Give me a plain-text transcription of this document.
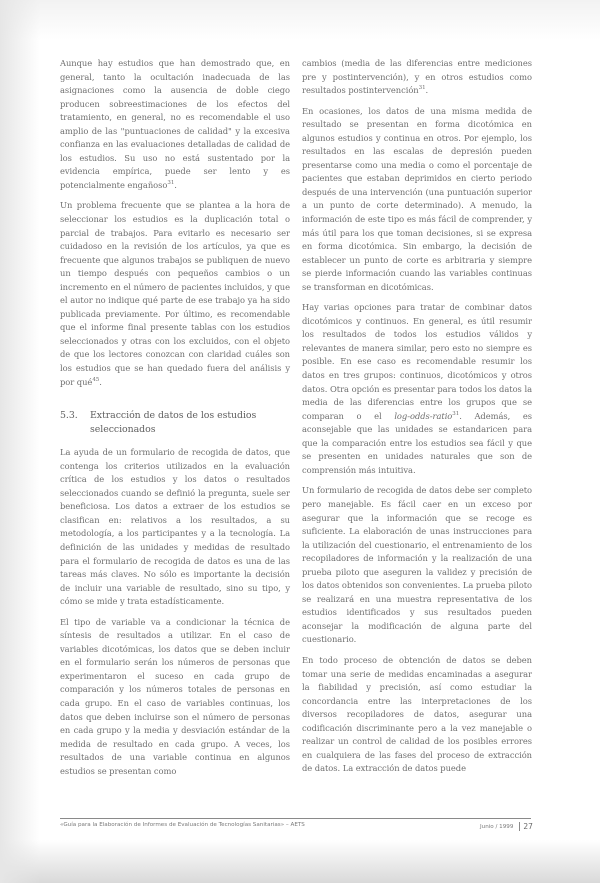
Aunque hay estudios que han demostrado que, en general, tanto la ocultación inadecuada de las asignaciones como la ausencia de doble ciego producen sobreestimaciones de los efectos del tratamiento, en general, no es recomendable el uso amplio de las "puntuaciones de calidad" y la excesiva confianza en las evaluaciones detalladas de calidad de los estudios. Su uso no está sustentado por la evidencia empírica, puede ser lento y es potencialmente engañoso$^{31}$.

Un problema frecuente que se plantea a la hora de seleccionar los estudios es la duplicación total o parcial de trabajos. Para evitarlo es necesario ser cuidadoso en la revisión de los artículos, ya que es frecuente que algunos trabajos se publiquen de nuevo un tiempo después con pequeños cambios o un incremento en el número de pacientes incluidos, y que el autor no indique qué parte de ese trabajo ya ha sido publicada previamente. Por último, es recomendable que el informe final presente tablas con los estudios seleccionados y otras con los excluidos, con el objeto de que los lectores conozcan con claridad cuáles son los estudios que se han quedado fuera del análisis y por qué$^{45}$.

5.3.	Extracción de datos de los estudios seleccionados

La ayuda de un formulario de recogida de datos, que contenga los criterios utilizados en la evaluación crítica de los estudios y los datos o resultados seleccionados cuando se definió la pregunta, suele ser beneficiosa. Los datos a extraer de los estudios se clasifican en: relativos a los resultados, a su metodología, a los participantes y a la tecnología. La definición de las unidades y medidas de resultado para el formulario de recogida de datos es una de las tareas más claves. No sólo es importante la decisión de incluir una variable de resultado, sino su tipo, y cómo se mide y trata estadísticamente.

El tipo de variable va a condicionar la técnica de síntesis de resultados a utilizar. En el caso de variables dicotómicas, los datos que se deben incluir en el formulario serán los números de personas que experimentaron el suceso en cada grupo de comparación y los números totales de personas en cada grupo. En el caso de variables continuas, los datos que deben incluirse son el número de personas en cada grupo y la media y desviación estándar de la medida de resultado en cada grupo. A veces, los resultados de una variable continua en algunos estudios se presentan como

cambios (media de las diferencias entre mediciones pre y postintervención), y en otros estudios como resultados postintervención$^{31}$.

En ocasiones, los datos de una misma medida de resultado se presentan en forma dicotómica en algunos estudios y continua en otros. Por ejemplo, los resultados en las escalas de depresión pueden presentarse como una media o como el porcentaje de pacientes que estaban deprimidos en cierto periodo después de una intervención (una puntuación superior a un punto de corte determinado). A menudo, la información de este tipo es más fácil de comprender, y más útil para los que toman decisiones, si se expresa en forma dicotómica. Sin embargo, la decisión de establecer un punto de corte es arbitraria y siempre se pierde información cuando las variables continuas se transforman en dicotómicas.

Hay varias opciones para tratar de combinar datos dicotómicos y continuos. En general, es útil resumir los resultados de todos los estudios válidos y relevantes de manera similar, pero esto no siempre es posible. En ese caso es recomendable resumir los datos en tres grupos: continuos, dicotómicos y otros datos. Otra opción es presentar para todos los datos la media de las diferencias entre los grupos que se comparan o el log-odds-ratio$^{31}$. Además, es aconsejable que las unidades se estandaricen para que la comparación entre los estudios sea fácil y que se presenten en unidades naturales que son de comprensión más intuitiva.

Un formulario de recogida de datos debe ser completo pero manejable. Es fácil caer en un exceso por asegurar que la información que se recoge es suficiente. La elaboración de unas instrucciones para la utilización del cuestionario, el entrenamiento de los recopiladores de información y la realización de una prueba piloto que aseguren la validez y precisión de los datos obtenidos son convenientes. La prueba piloto se realizará en una muestra representativa de los estudios identificados y sus resultados pueden aconsejar la modificación de alguna parte del cuestionario.

En todo proceso de obtención de datos se deben tomar una serie de medidas encaminadas a asegurar la fiabilidad y precisión, así como estudiar la concordancia entre las interpretaciones de los diversos recopiladores de datos, asegurar una codificación discriminante pero a la vez manejable o realizar un control de calidad de los posibles errores en cualquiera de las fases del proceso de extracción de datos. La extracción de datos puede

«Guía para la Elaboración de Informes de Evaluación de Tecnologías Sanitarias» – AETS	Junio / 1999	27
